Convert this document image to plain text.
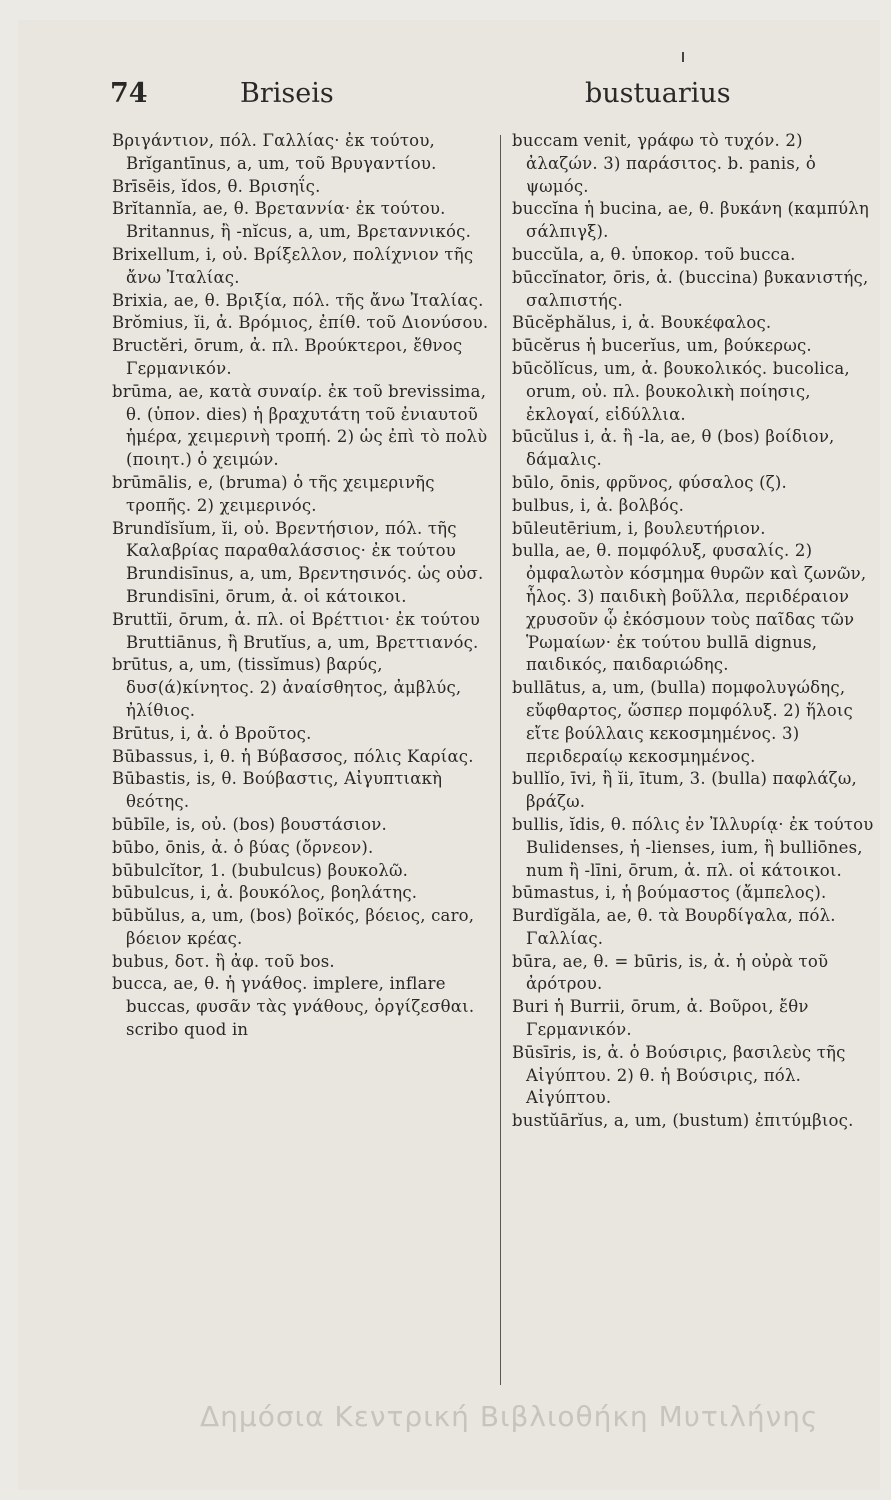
74	Briseis	bustuarius
Βριγάντιον, πόλ. Γαλλίας· ἐκ τούτου, Brĭgantīnus, a, um, τοῦ Βρυγαντίου.
Brīsēis, ĭdos, θ. Βρισηΐς.
Brĭtannĭa, ae, θ. Βρεταννία· ἐκ τούτου. Britannus, ἢ -nĭcus, a, um, Βρεταννικός.
Brixellum, i, οὐ. Βρίξελλον, πολίχνιον τῆς ἄνω Ἰταλίας.
Brixia, ae, θ. Βριξία, πόλ. τῆς ἄνω Ἰταλίας.
Brŏmius, ĭi, ἀ. Βρόμιος, ἐπίθ. τοῦ Διονύσου.
Bructĕri, ōrum, ἀ. πλ. Βρούκτεροι, ἔθνος Γερμανικόν.
brūma, ae, κατὰ συναίρ. ἐκ τοῦ brevissima, θ. (ὑπον. dies) ἡ βραχυτάτη τοῦ ἐνιαυτοῦ ἡμέρα, χειμερινὴ τροπή. 2) ὡς ἐπὶ τὸ πολὺ (ποιητ.) ὁ χειμών.
brūmālis, e, (bruma) ὁ τῆς χειμερινῆς τροπῆς. 2) χειμερινός.
Brundĭsĭum, ĭi, οὐ. Βρεντήσιον, πόλ. τῆς Καλαβρίας παραθαλάσσιος· ἐκ τούτου Brundisīnus, a, um, Βρεντησινός. ὡς οὐσ. Brundisīni, ōrum, ἀ. οἱ κάτοικοι.
Bruttĭi, ōrum, ἀ. πλ. οἱ Βρέττιοι· ἐκ τούτου Bruttiānus, ἢ Brutĭus, a, um, Βρεττιανός.
brūtus, a, um, (tissĭmus) βαρύς, δυσ(ά)κίνητος. 2) ἀναίσθητος, ἀμβλύς, ἠλίθιος.
Brūtus, i, ἀ. ὁ Βροῦτος.
Būbassus, i, θ. ἡ Βύβασσος, πόλις Καρίας.
Būbastis, is, θ. Βούβαστις, Αἰγυπτιακὴ θεότης.
būbīle, is, οὐ. (bos) βουστάσιον.
būbo, ōnis, ἀ. ὁ βύας (ὄρνεον).
būbulcĭtor, 1. (bubulcus) βουκολῶ.
būbulcus, i, ἀ. βουκόλος, βοηλάτης.
būbŭlus, a, um, (bos) βοϊκός, βόειος, caro, βόειον κρέας.
bubus, δοτ. ἢ ἀφ. τοῦ bos.
bucca, ae, θ. ἡ γνάθος. implere, inflare buccas, φυσᾶν τὰς γνάθους, ὀργίζεσθαι. scribo quod in
buccam venit, γράφω τὸ τυχόν. 2) ἀλαζών. 3) παράσιτος. b. panis, ὁ ψωμός.
buccĭna ἡ bucina, ae, θ. βυκάνη (καμπύλη σάλπιγξ).
buccŭla, a, θ. ὑποκορ. τοῦ bucca.
būccĭnator, ōris, ἀ. (buccina) βυκανιστής, σαλπιστής.
Būcĕphălus, i, ἀ. Βουκέφαλος.
būcĕrus ἡ bucerĭus, um, βούκερως.
būcŏlĭcus, um, ἀ. βουκολικός. bucolica, orum, οὐ. πλ. βουκολικὴ ποίησις, ἐκλογαί, εἰδύλλια.
būcŭlus i, ἀ. ἢ -la, ae, θ (bos) βοίδιον, δάμαλις.
būlo, ōnis, φρῦνος, φύσαλος (ζ).
bulbus, i, ἀ. βολβός.
būleutērium, i, βουλευτήριον.
bulla, ae, θ. πομφόλυξ, φυσαλίς. 2) ὀμφαλωτὸν κόσμημα θυρῶν καὶ ζωνῶν, ἧλος. 3) παιδικὴ βοῦλλα, περιδέραιον χρυσοῦν ᾧ ἐκόσμουν τοὺς παῖδας τῶν Ῥωμαίων· ἐκ τούτου bullā dignus, παιδικός, παιδαριώδης.
bullātus, a, um, (bulla) πομφολυγώδης, εὔφθαρτος, ὥσπερ πομφόλυξ. 2) ἥλοις εἴτε βούλλαις κεκοσμημένος. 3) περιδεραίῳ κεκοσμημένος.
bullĭo, īvi, ἢ ĭi, ītum, 3. (bulla) παφλάζω, βράζω.
bullis, ĭdis, θ. πόλις ἐν Ἰλλυρίᾳ· ἐκ τούτου Bulidenses, ἡ -lienses, ium, ἢ bulliōnes, num ἢ -līni, ōrum, ἀ. πλ. οἱ κάτοικοι.
būmastus, i, ἡ βούμαστος (ἄμπελος).
Burdĭgăla, ae, θ. τὰ Βουρδίγαλα, πόλ. Γαλλίας.
būra, ae, θ. = būris, is, ἀ. ἡ οὐρὰ τοῦ ἀρότρου.
Buri ἡ Burrii, ōrum, ἀ. Βοῦροι, ἔθν Γερμανικόν.
Būsīris, is, ἀ. ὁ Βούσιρις, βασιλεὺς τῆς Αἰγύπτου. 2) θ. ἡ Βούσιρις, πόλ. Αἰγύπτου.
bustŭārĭus, a, um, (bustum) ἐπιτύμβιος.
Δημόσια Κεντρική Βιβλιοθήκη Μυτιλήνης
